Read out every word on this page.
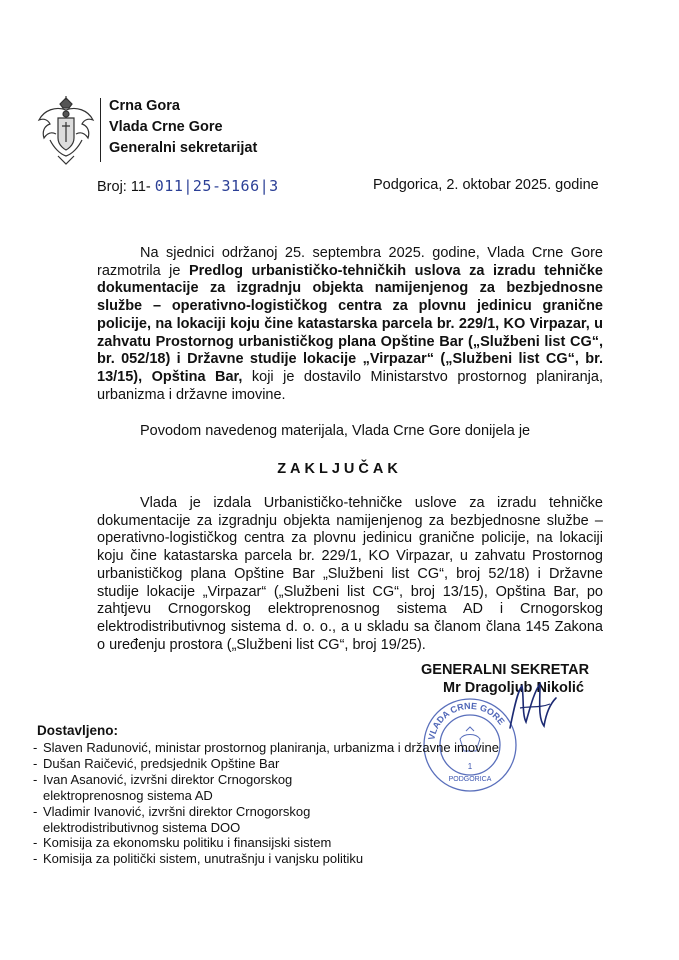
Crna Gora
Vlada Crne Gore
Generalni sekretarijat
Broj: 11- 011|25-3166|3	Podgorica, 2. oktobar 2025. godine

Na sjednici održanoj 25. septembra 2025. godine, Vlada Crne Gore razmotrila je Predlog urbanističko-tehničkih uslova za izradu tehničke dokumentacije za izgradnju objekta namijenjenog za bezbjednosne službe – operativno-logističkog centra za plovnu jedinicu granične policije, na lokaciji koju čine katastarska parcela br. 229/1, KO Virpazar, u zahvatu Prostornog urbanističkog plana Opštine Bar („Službeni list CG“, br. 052/18) i Državne studije lokacije „Virpazar“ („Službeni list CG“, br. 13/15), Opština Bar, koji je dostavilo Ministarstvo prostornog planiranja, urbanizma i državne imovine.

Povodom navedenog materijala, Vlada Crne Gore donijela je
ZAKLJUČAK

Vlada je izdala Urbanističko-tehničke uslove za izradu tehničke dokumentacije za izgradnju objekta namijenjenog za bezbjednosne službe – operativno-logističkog centra za plovnu jedinicu granične policije, na lokaciji koju čine katastarska parcela br. 229/1, KO Virpazar, u zahvatu Prostornog urbanističkog plana Opštine Bar „Službeni list CG“, broj 52/18) i Državne studije lokacije „Virpazar“ („Službeni list CG“, broj 13/15), Opština Bar, po zahtjevu Crnogorskog elektroprenosnog sistema AD i Crnogorskog elektrodistributivnog sistema d. o. o., a u skladu sa članom člana 145 Zakona o uređenju prostora („Službeni list CG“, broj 19/25).

VLADA CRNE GORE
1
PODGORICA
GENERALNI SEKRETAR
Mr Dragoljub Nikolić
Dostavljeno:
- Slaven Radunović, ministar prostornog planiranja, urbanizma i državne imovine
- Dušan Raičević, predsjednik Opštine Bar
- Ivan Asanović, izvršni direktor Crnogorskog
elektroprenosnog sistema AD
- Vladimir Ivanović, izvršni direktor Crnogorskog
elektrodistributivnog sistema DOO
- Komisija za ekonomsku politiku i finansijski sistem
- Komisija za politički sistem, unutrašnju i vanjsku politiku
